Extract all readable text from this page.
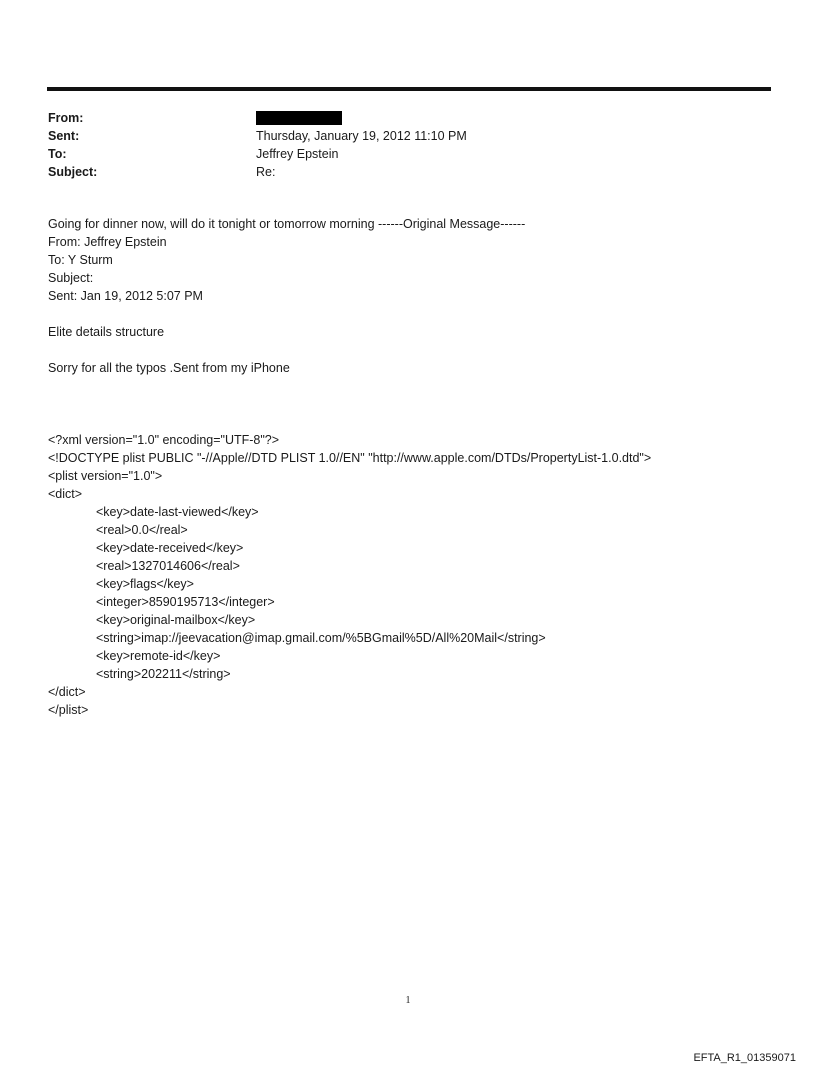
From:
Sent:	Thursday, January 19, 2012 11:10 PM
To:	Jeffrey Epstein
Subject:	Re:
Going for dinner now, will do it tonight or tomorrow morning ------Original Message------
From: Jeffrey Epstein
To: Y Sturm
Subject:
Sent: Jan 19, 2012 5:07 PM
Elite details structure
Sorry for all the typos .Sent from my iPhone
<?xml version="1.0" encoding="UTF-8"?>
<!DOCTYPE plist PUBLIC "-//Apple//DTD PLIST 1.0//EN" "http://www.apple.com/DTDs/PropertyList-1.0.dtd">
<plist version="1.0">
<dict>
<key>date-last-viewed</key>
<real>0.0</real>
<key>date-received</key>
<real>1327014606</real>
<key>flags</key>
<integer>8590195713</integer>
<key>original-mailbox</key>
<string>imap://jeevacation@imap.gmail.com/%5BGmail%5D/All%20Mail</string>
<key>remote-id</key>
<string>202211</string>
</dict>
</plist>
1
EFTA_R1_01359071
